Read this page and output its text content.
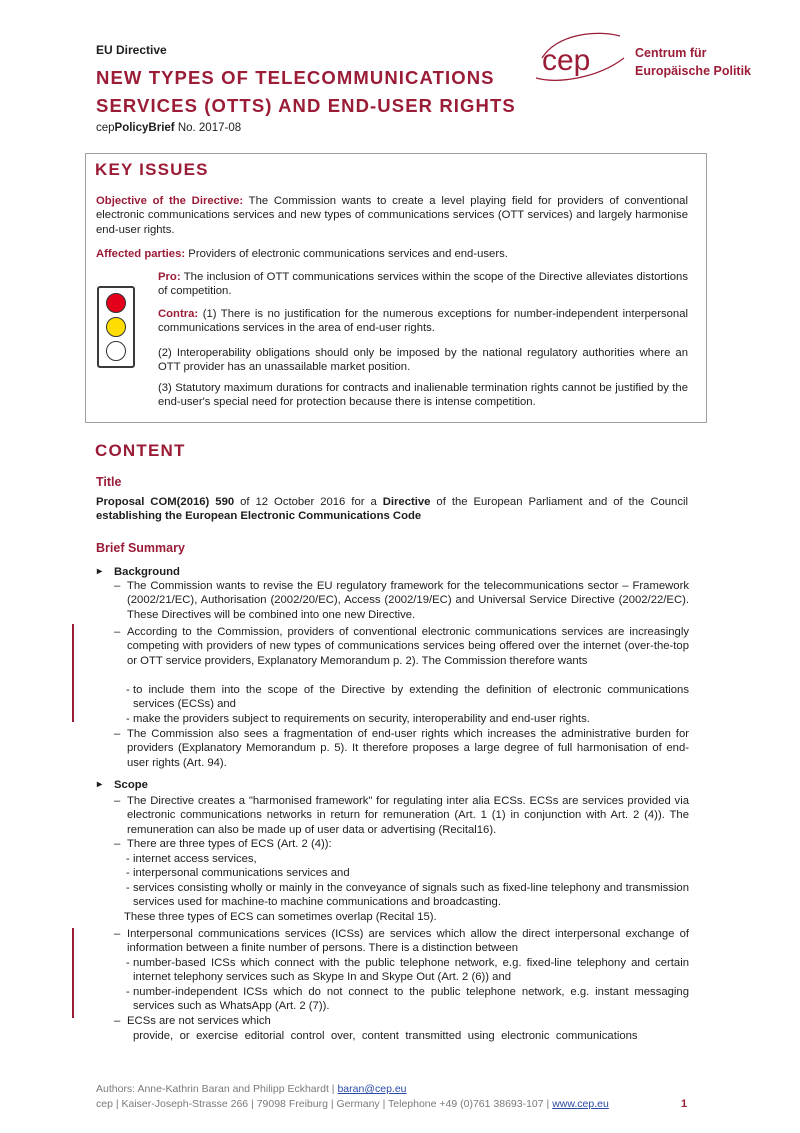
EU Directive
NEW TYPES OF TELECOMMUNICATIONS
SERVICES (OTTS) AND END-USER RIGHTS
cepPolicyBrief No. 2017-08
cep	Centrum für
Europäische Politik
KEY ISSUES
Objective of the Directive: The Commission wants to create a level playing field for providers of conventional electronic communications services and new types of communications services (OTT services) and largely harmonise end-user rights.
Affected parties: Providers of electronic communications services and end-users.
Pro: The inclusion of OTT communications services within the scope of the Directive alleviates distortions of competition.
Contra: (1) There is no justification for the numerous exceptions for number-independent interpersonal communications services in the area of end-user rights.
(2) Interoperability obligations should only be imposed by the national regulatory authorities where an OTT provider has an unassailable market position.
(3) Statutory maximum durations for contracts and inalienable termination rights cannot be justified by the end-user's special need for protection because there is intense competition.
CONTENT
Title
Proposal COM(2016) 590 of 12 October 2016 for a Directive of the European Parliament and of the Council establishing the European Electronic Communications Code
Brief Summary
▸ Background
– The Commission wants to revise the EU regulatory framework for the telecommunications sector – Framework (2002/21/EC), Authorisation (2002/20/EC), Access (2002/19/EC) and Universal Service Directive (2002/22/EC). These Directives will be combined into one new Directive.
– According to the Commission, providers of conventional electronic communications services are increasingly competing with providers of new types of communications services being offered over the internet (over-the-top or OTT service providers, Explanatory Memorandum p. 2). The Commission therefore wants
- to include them into the scope of the Directive by extending the definition of electronic communications services (ECSs) and
- make the providers subject to requirements on security, interoperability and end-user rights.
– The Commission also sees a fragmentation of end-user rights which increases the administrative burden for providers (Explanatory Memorandum p. 5). It therefore proposes a large degree of full harmonisation of end-user rights (Art. 94).
▸ Scope
– The Directive creates a "harmonised framework" for regulating inter alia ECSs. ECSs are services provided via electronic communications networks in return for remuneration (Art. 1 (1) in conjunction with Art. 2 (4)). The remuneration can also be made up of user data or advertising (Recital16).
– There are three types of ECS (Art. 2 (4)):
- internet access services,
- interpersonal communications services and
- services consisting wholly or mainly in the conveyance of signals such as fixed-line telephony and transmission services used for machine-to machine communications and broadcasting.
These three types of ECS can sometimes overlap (Recital 15).
– Interpersonal communications services (ICSs) are services which allow the direct interpersonal exchange of information between a finite number of persons. There is a distinction between
- number-based ICSs which connect with the public telephone network, e.g. fixed-line telephony and certain internet telephony services such as Skype In and Skype Out (Art. 2 (6)) and
- number-independent ICSs which do not connect to the public telephone network, e.g. instant messaging services such as WhatsApp (Art. 2 (7)).
– ECSs are not services which
- provide, or exercise editorial control over, content transmitted using electronic communications
Authors: Anne-Kathrin Baran and Philipp Eckhardt | baran@cep.eu
cep | Kaiser-Joseph-Strasse 266 | 79098 Freiburg | Germany | Telephone +49 (0)761 38693-107 | www.cep.eu	1
